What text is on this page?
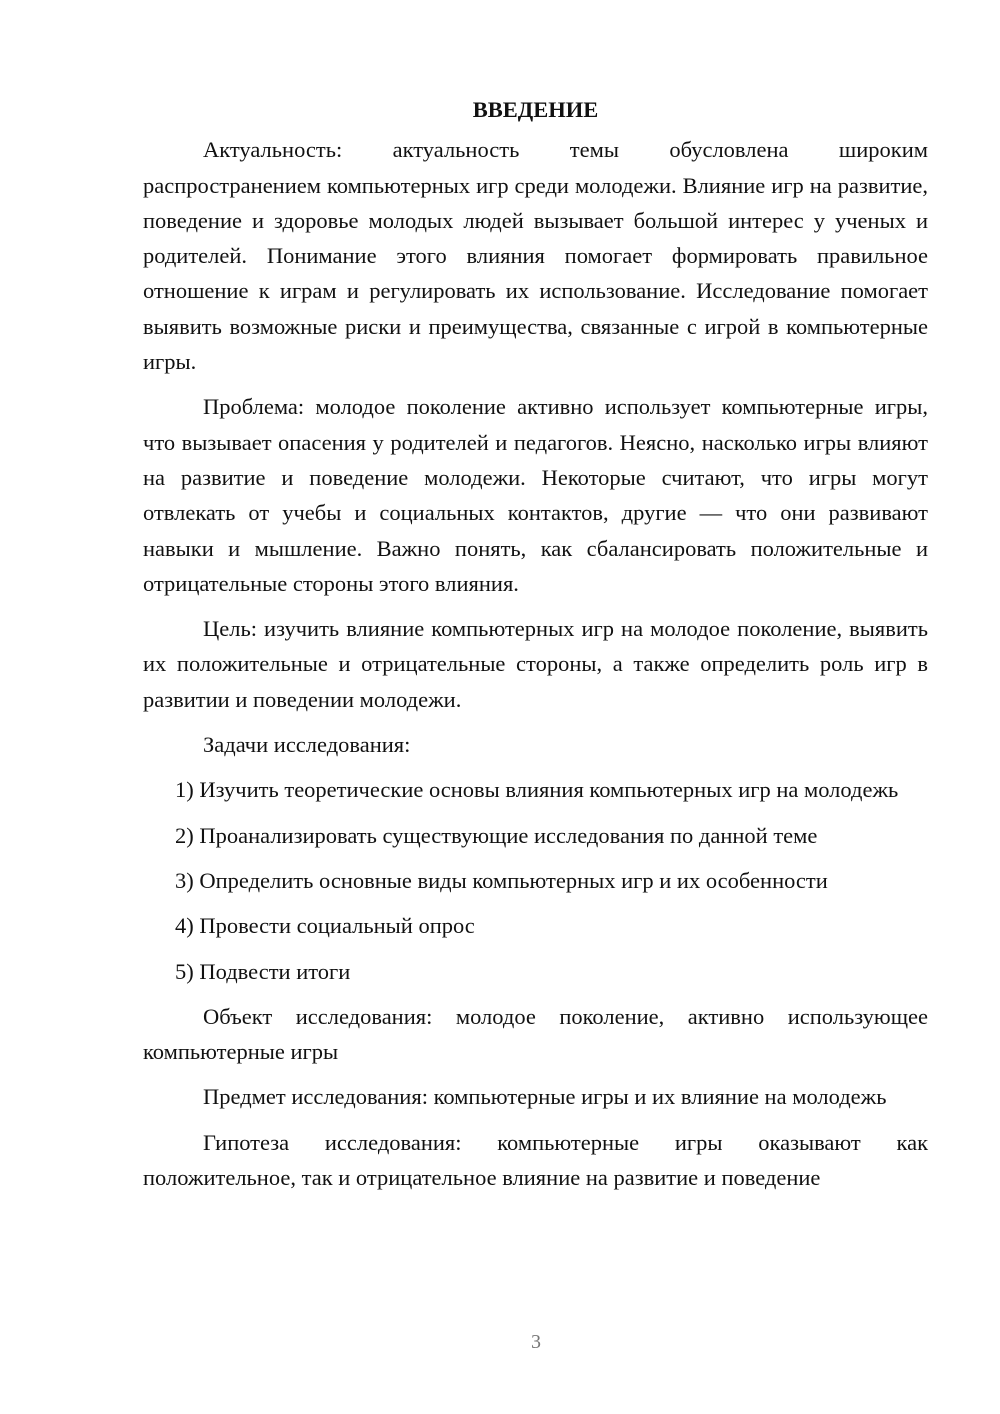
ВВЕДЕНИЕ

Актуальность: актуальность темы обусловлена широким распространением компьютерных игр среди молодежи. Влияние игр на развитие, поведение и здоровье молодых людей вызывает большой интерес у ученых и родителей. Понимание этого влияния помогает формировать правильное отношение к играм и регулировать их использование. Исследование помогает выявить возможные риски и преимущества, связанные с игрой в компьютерные игры.

Проблема: молодое поколение активно использует компьютерные игры, что вызывает опасения у родителей и педагогов. Неясно, насколько игры влияют на развитие и поведение молодежи. Некоторые считают, что игры могут отвлекать от учебы и социальных контактов, другие — что они развивают навыки и мышление. Важно понять, как сбалансировать положительные и отрицательные стороны этого влияния.

Цель: изучить влияние компьютерных игр на молодое поколение, выявить их положительные и отрицательные стороны, а также определить роль игр в развитии и поведении молодежи.

Задачи исследования:

1) Изучить теоретические основы влияния компьютерных игр на молодежь

2) Проанализировать существующие исследования по данной теме

3) Определить основные виды компьютерных игр и их особенности

4) Провести социальный опрос

5) Подвести итоги

Объект исследования: молодое поколение, активно использующее компьютерные игры

Предмет исследования: компьютерные игры и их влияние на молодежь

Гипотеза исследования: компьютерные игры оказывают как положительное, так и отрицательное влияние на развитие и поведение

3
